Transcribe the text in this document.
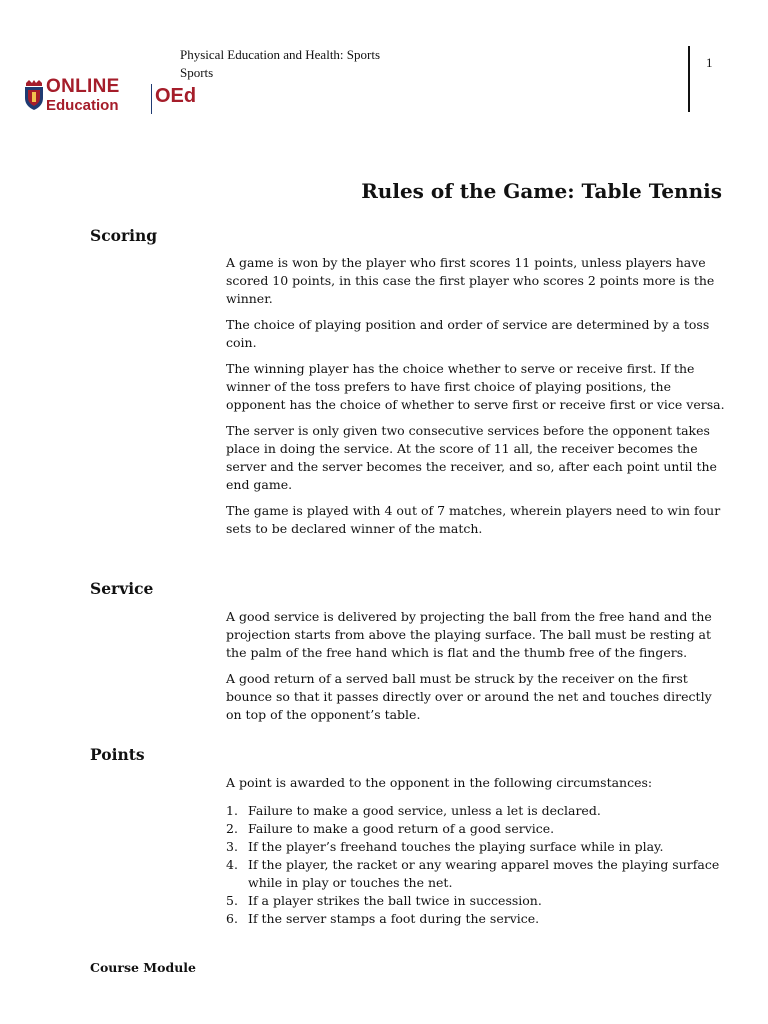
Physical Education and Health: Sports
Sports
1
ONLINE
Education OEd
Rules of the Game: Table Tennis
Scoring

A game is won by the player who first scores 11 points, unless players have scored 10 points, in this case the first player who scores 2 points more is the winner.

The choice of playing position and order of service are determined by a toss coin.

The winning player has the choice whether to serve or receive first. If the winner of the toss prefers to have first choice of playing positions, the opponent has the choice of whether to serve first or receive first or vice versa.

The server is only given two consecutive services before the opponent takes place in doing the service. At the score of 11 all, the receiver becomes the server and the server becomes the receiver, and so, after each point until the end game.

The game is played with 4 out of 7 matches, wherein players need to win four sets to be declared winner of the match.

Service

A good service is delivered by projecting the ball from the free hand and the projection starts from above the playing surface. The ball must be resting at the palm of the free hand which is flat and the thumb free of the fingers.

A good return of a served ball must be struck by the receiver on the first bounce so that it passes directly over or around the net and touches directly on top of the opponent’s table.

Points

A point is awarded to the opponent in the following circumstances:

1. Failure to make a good service, unless a let is declared.
2. Failure to make a good return of a good service.
3. If the player’s freehand touches the playing surface while in play.
4. If the player, the racket or any wearing apparel moves the playing surface while in play or touches the net.
5. If a player strikes the ball twice in succession.
6. If the server stamps a foot during the service.
Course Module
